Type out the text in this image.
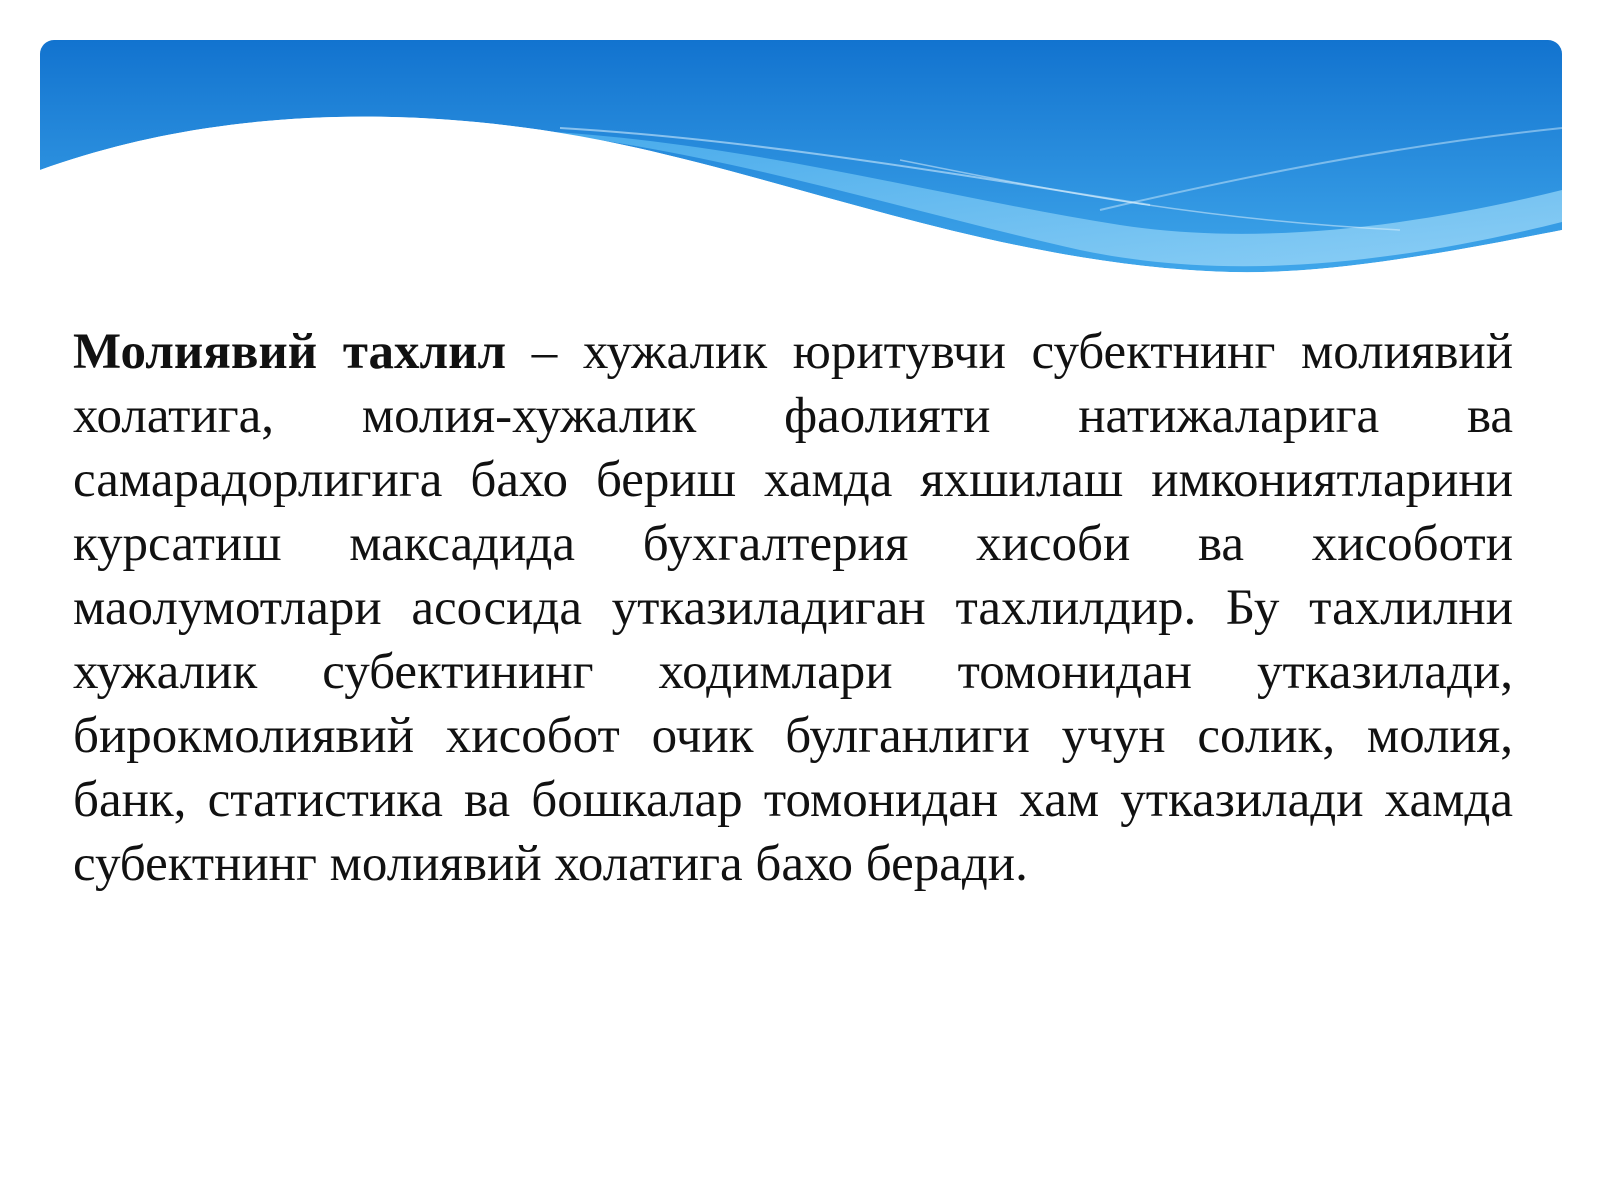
Молиявий тахлил – хужалик юритувчи субектнинг молиявий холатига, молия-хужалик фаолияти натижаларига ва самарадорлигига бахо бериш хамда яхшилаш имкониятларини курсатиш максадида бухгалтерия хисоби ва хисоботи маолумотлари асосида утказиладиган тахлилдир. Бу тахлилни хужалик субектининг ходимлари томонидан утказилади, бирокмолиявий хисобот очик булганлиги учун солик, молия, банк, статистика ва бошкалар томонидан хам утказилади хамда субектнинг молиявий холатига бахо беради.
